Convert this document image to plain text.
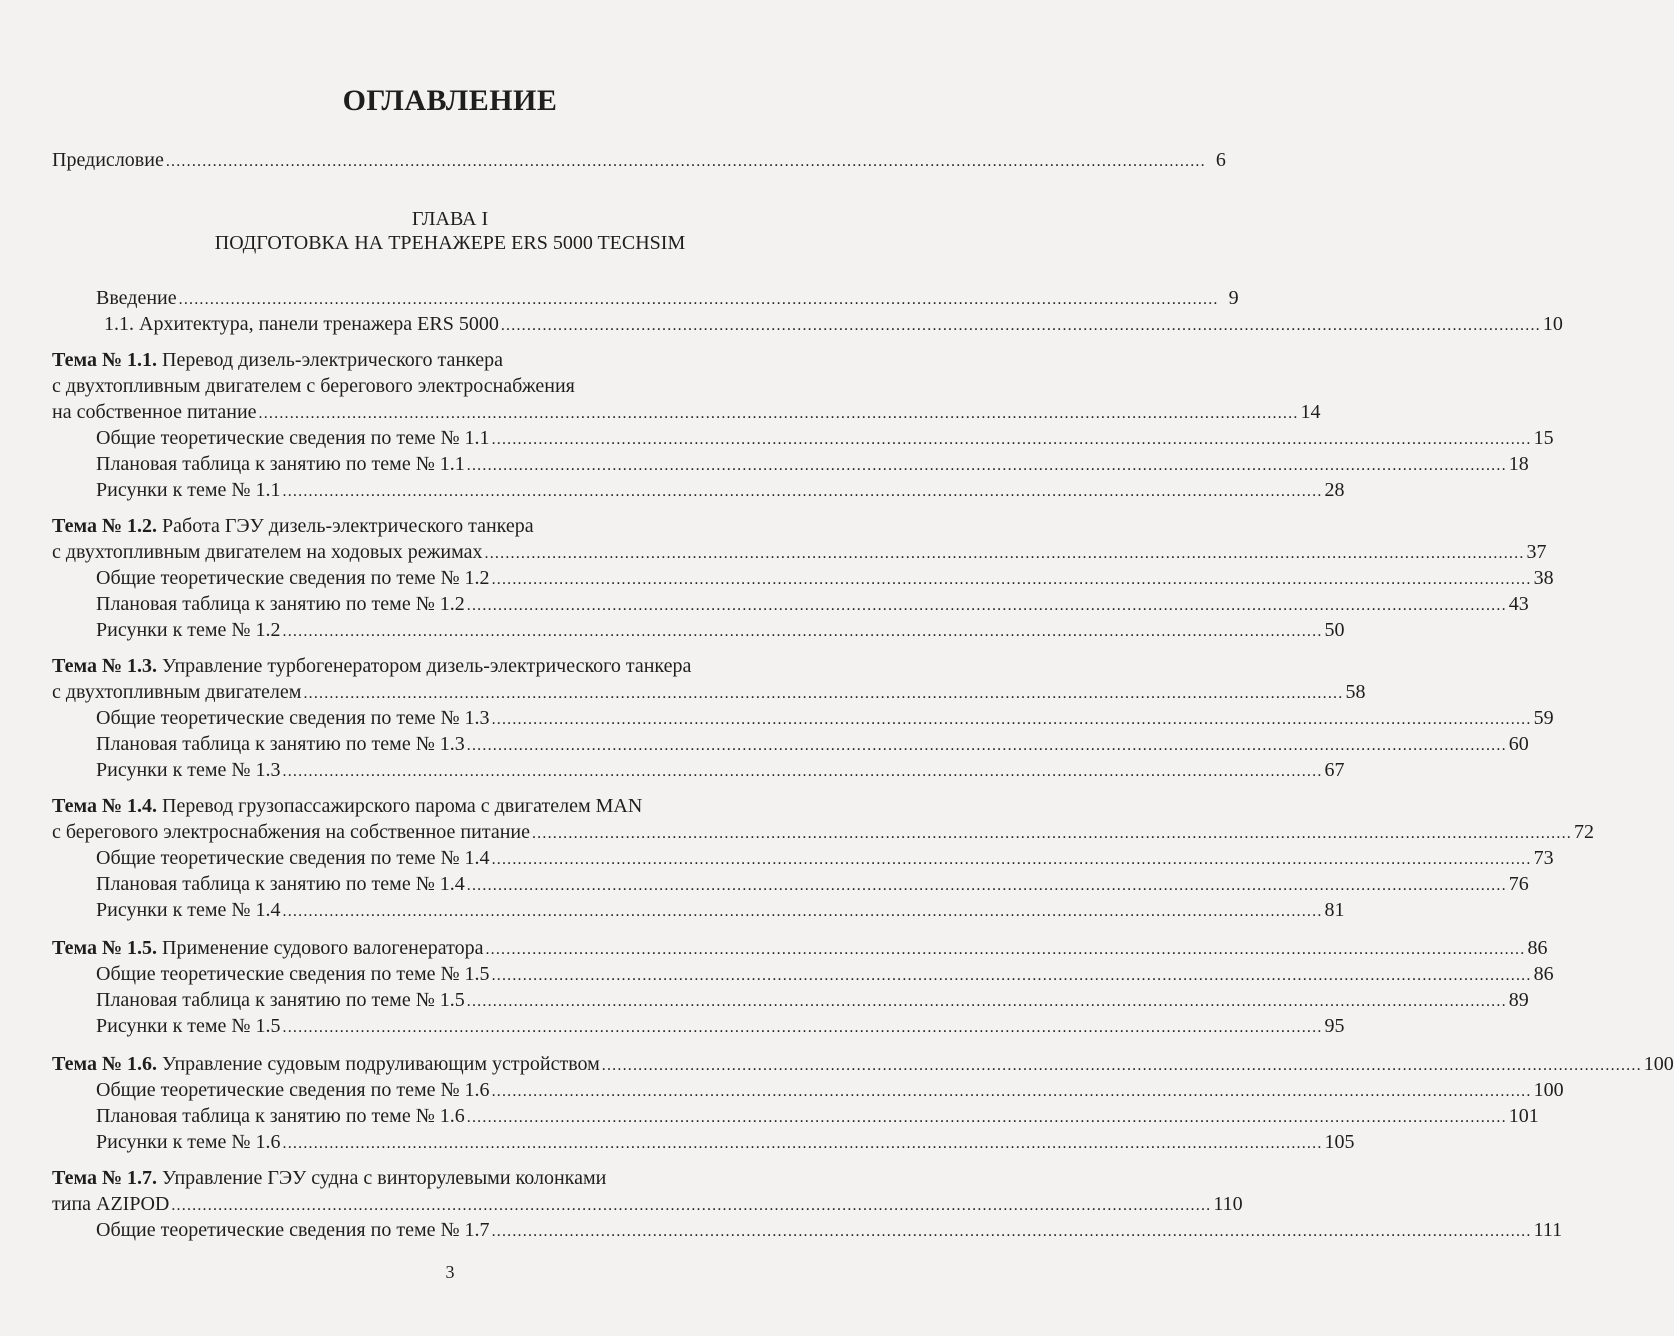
ОГЛАВЛЕНИЕ
Предисловие ........................................................................................................................................................................................................ 6
ГЛАВА I
ПОДГОТОВКА НА ТРЕНАЖЕРЕ ERS 5000 TECHSIM
Введение ........................................................................................................................................................................................................ 9
1.1. Архитектура, панели тренажера ERS 5000 ........................................................................................................................................................................................................ 10
Тема № 1.1. Перевод дизель-электрического танкера
с двухтопливным двигателем с берегового электроснабжения
на собственное питание ........................................................................................................................................................................................................ 14
Общие теоретические сведения по теме № 1.1 ........................................................................................................................................................................................................ 15
Плановая таблица к занятию по теме № 1.1 ........................................................................................................................................................................................................ 18
Рисунки к теме № 1.1 ........................................................................................................................................................................................................ 28
Тема № 1.2. Работа ГЭУ дизель-электрического танкера
с двухтопливным двигателем на ходовых режимах ........................................................................................................................................................................................................ 37
Общие теоретические сведения по теме № 1.2 ........................................................................................................................................................................................................ 38
Плановая таблица к занятию по теме № 1.2 ........................................................................................................................................................................................................ 43
Рисунки к теме № 1.2 ........................................................................................................................................................................................................ 50
Тема № 1.3. Управление турбогенератором дизель-электрического танкера
с двухтопливным двигателем ........................................................................................................................................................................................................ 58
Общие теоретические сведения по теме № 1.3 ........................................................................................................................................................................................................ 59
Плановая таблица к занятию по теме № 1.3 ........................................................................................................................................................................................................ 60
Рисунки к теме № 1.3 ........................................................................................................................................................................................................ 67
Тема № 1.4. Перевод грузопассажирского парома с двигателем MAN
с берегового электроснабжения на собственное питание ........................................................................................................................................................................................................ 72
Общие теоретические сведения по теме № 1.4 ........................................................................................................................................................................................................ 73
Плановая таблица к занятию по теме № 1.4 ........................................................................................................................................................................................................ 76
Рисунки к теме № 1.4 ........................................................................................................................................................................................................ 81
Тема № 1.5. Применение судового валогенератора ........................................................................................................................................................................................................ 86
Общие теоретические сведения по теме № 1.5 ........................................................................................................................................................................................................ 86
Плановая таблица к занятию по теме № 1.5 ........................................................................................................................................................................................................ 89
Рисунки к теме № 1.5 ........................................................................................................................................................................................................ 95
Тема № 1.6. Управление судовым подруливающим устройством ........................................................................................................................................................................................................ 100
Общие теоретические сведения по теме № 1.6 ........................................................................................................................................................................................................ 100
Плановая таблица к занятию по теме № 1.6 ........................................................................................................................................................................................................ 101
Рисунки к теме № 1.6 ........................................................................................................................................................................................................ 105
Тема № 1.7. Управление ГЭУ судна с винторулевыми колонками
типа AZIPOD ........................................................................................................................................................................................................ 110
Общие теоретические сведения по теме № 1.7 ........................................................................................................................................................................................................ 111
3
